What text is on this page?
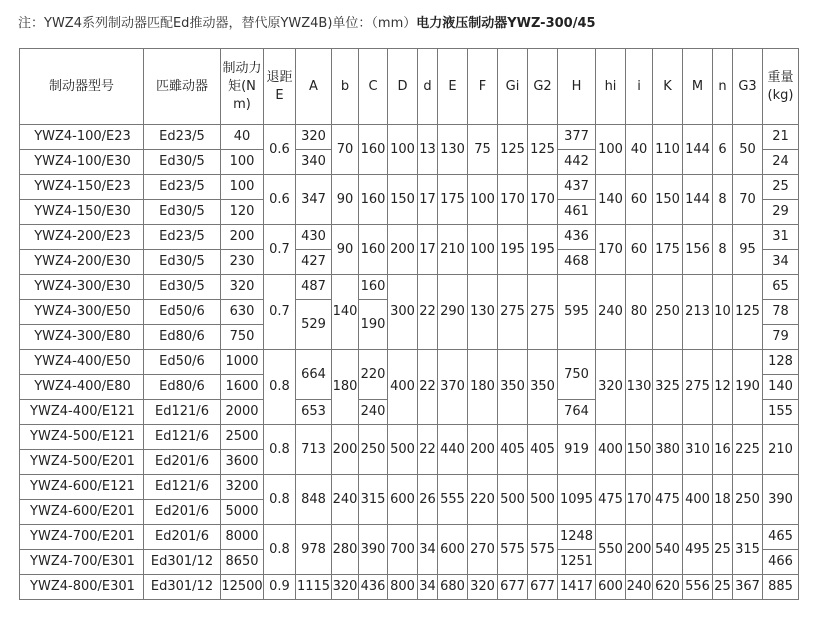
注：YWZ4系列制动器匹配Ed推动器，替代原YWZ4B)单位：（mm）电力液压制动器YWZ-300/45
制动器型号	匹雖动器	制动力矩(Nm)	退距E	A	b	C	D	d	E	F	Gi	G2	H	hi	i	K	M	n	G3	重量(kg)
YWZ4-100/E23	Ed23/5	40	0.6	320	70	160	100	13	130	75	125	125	377	100	40	110	144	6	50	21
YWZ4-100/E30	Ed30/5	100		340									442							24
YWZ4-150/E23	Ed23/5	100	0.6	347	90	160	150	17	175	100	170	170	437	140	60	150	144	8	70	25
YWZ4-150/E30	Ed30/5	120											461							29
YWZ4-200/E23	Ed23/5	200	0.7	430	90	160	200	17	210	100	195	195	436	170	60	175	156	8	95	31
YWZ4-200/E30	Ed30/5	230		427									468							34
YWZ4-300/E30	Ed30/5	320	0.7	487	140	160	300	22	290	130	275	275	595	240	80	250	213	10	125	65
YWZ4-300/E50	Ed50/6	630		529		190														78
YWZ4-300/E80	Ed80/6	750																		79
YWZ4-400/E50	Ed50/6	1000	0.8	664	180	220	400	22	370	180	350	350	750	320	130	325	275	12	190	128
YWZ4-400/E80	Ed80/6	1600																		140
YWZ4-400/E121	Ed121/6	2000		653		240							764							155
YWZ4-500/E121	Ed121/6	2500	0.8	713	200	250	500	22	440	200	405	405	919	400	150	380	310	16	225	210
YWZ4-500/E201	Ed201/6	3600																		
YWZ4-600/E121	Ed121/6	3200	0.8	848	240	315	600	26	555	220	500	500	1095	475	170	475	400	18	250	390
YWZ4-600/E201	Ed201/6	5000																		
YWZ4-700/E201	Ed201/6	8000	0.8	978	280	390	700	34	600	270	575	575	1248	550	200	540	495	25	315	465
YWZ4-700/E301	Ed301/12	8650											1251							466
YWZ4-800/E301	Ed301/12	12500	0.9	1115	320	436	800	34	680	320	677	677	1417	600	240	620	556	25	367	885
